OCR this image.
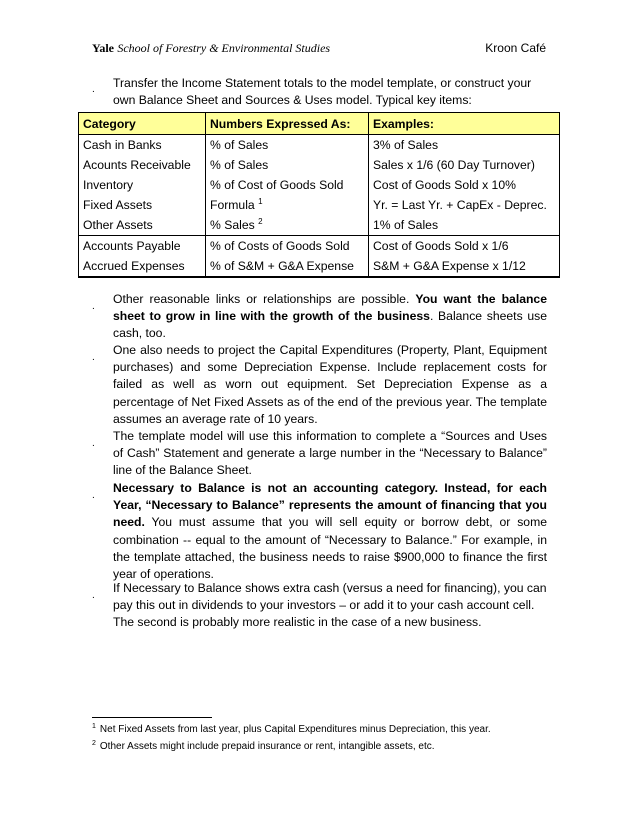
Yale School of Forestry & Environmental Studies	Kroon Café
. Transfer the Income Statement totals to the model template, or construct your own Balance Sheet and Sources & Uses model. Typical key items:
Category	Numbers Expressed As:	Examples:
Cash in Banks	% of Sales	3% of Sales
Acounts Receivable	% of Sales	Sales x 1/6 (60 Day Turnover)
Inventory	% of Cost of Goods Sold	Cost of Goods Sold x 10%
Fixed Assets	Formula $^1$	Yr. = Last Yr. + CapEx - Deprec.
Other Assets	% Sales $^2$	1% of Sales
Accounts Payable	% of Costs of Goods Sold	Cost of Goods Sold x 1/6
Accrued Expenses	% of S&M + G&A Expense	S&M + G&A Expense x 1/12
.
Other reasonable links or relationships are possible. You want the balance sheet to grow in line with the growth of the business. Balance sheets use cash, too.
.
One also needs to project the Capital Expenditures (Property, Plant, Equipment purchases) and some Depreciation Expense. Include replacement costs for failed as well as worn out equipment. Set Depreciation Expense as a percentage of Net Fixed Assets as of the end of the previous year. The template assumes an average rate of 10 years.
.
The template model will use this information to complete a “Sources and Uses of Cash” Statement and generate a large number in the “Necessary to Balance” line of the Balance Sheet.
.
Necessary to Balance is not an accounting category. Instead, for each Year, “Necessary to Balance” represents the amount of financing that you need. You must assume that you will sell equity or borrow debt, or some combination -- equal to the amount of “Necessary to Balance.” For example, in the template attached, the business needs to raise $900,000 to finance the first year of operations.
.
If Necessary to Balance shows extra cash (versus a need for financing), you can pay this out in dividends to your investors – or add it to your cash account cell. The second is probably more realistic in the case of a new business.
$^1$ Net Fixed Assets from last year, plus Capital Expenditures minus Depreciation, this year.
$^2$ Other Assets might include prepaid insurance or rent, intangible assets, etc.
